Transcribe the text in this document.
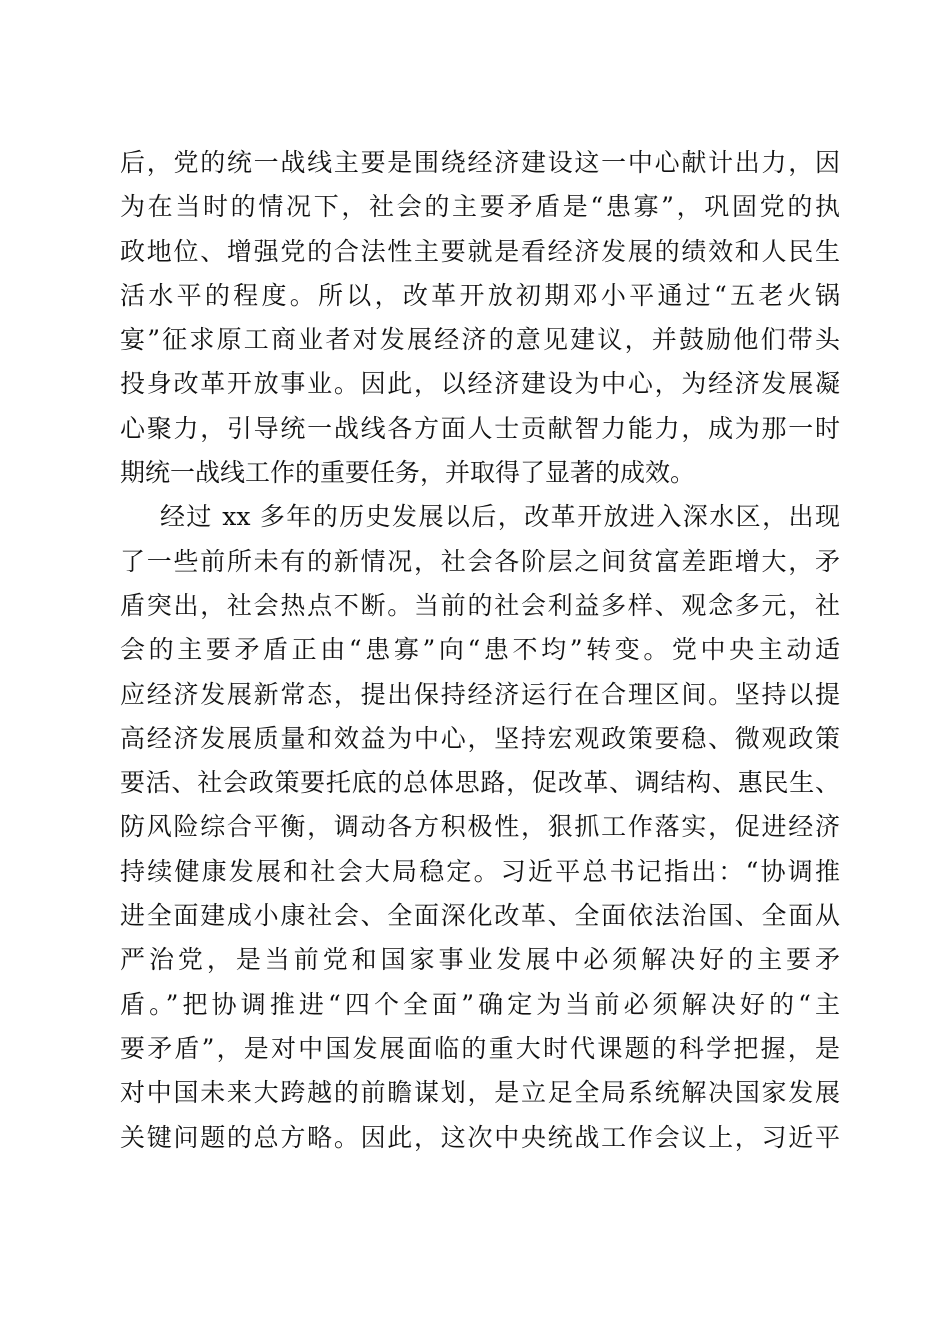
后，党的统一战线主要是围绕经济建设这一中心献计出力，因
为在当时的情况下，社会的主要矛盾是“患寡”，巩固党的执
政地位、增强党的合法性主要就是看经济发展的绩效和人民生
活水平的程度。所以，改革开放初期邓小平通过“五老火锅
宴”征求原工商业者对发展经济的意见建议，并鼓励他们带头
投身改革开放事业。因此，以经济建设为中心，为经济发展凝
心聚力，引导统一战线各方面人士贡献智力能力，成为那一时
期统一战线工作的重要任务，并取得了显著的成效。
经过 xx 多年的历史发展以后，改革开放进入深水区，出现
了一些前所未有的新情况，社会各阶层之间贫富差距增大，矛
盾突出，社会热点不断。当前的社会利益多样、观念多元，社
会的主要矛盾正由“患寡”向“患不均”转变。党中央主动适
应经济发展新常态，提出保持经济运行在合理区间。坚持以提
高经济发展质量和效益为中心，坚持宏观政策要稳、微观政策
要活、社会政策要托底的总体思路，促改革、调结构、惠民生、
防风险综合平衡，调动各方积极性，狠抓工作落实，促进经济
持续健康发展和社会大局稳定。习近平总书记指出：“协调推
进全面建成小康社会、全面深化改革、全面依法治国、全面从
严治党，是当前党和国家事业发展中必须解决好的主要矛
盾。”把协调推进“四个全面”确定为当前必须解决好的“主
要矛盾”，是对中国发展面临的重大时代课题的科学把握，是
对中国未来大跨越的前瞻谋划，是立足全局系统解决国家发展
关键问题的总方略。因此，这次中央统战工作会议上，习近平
